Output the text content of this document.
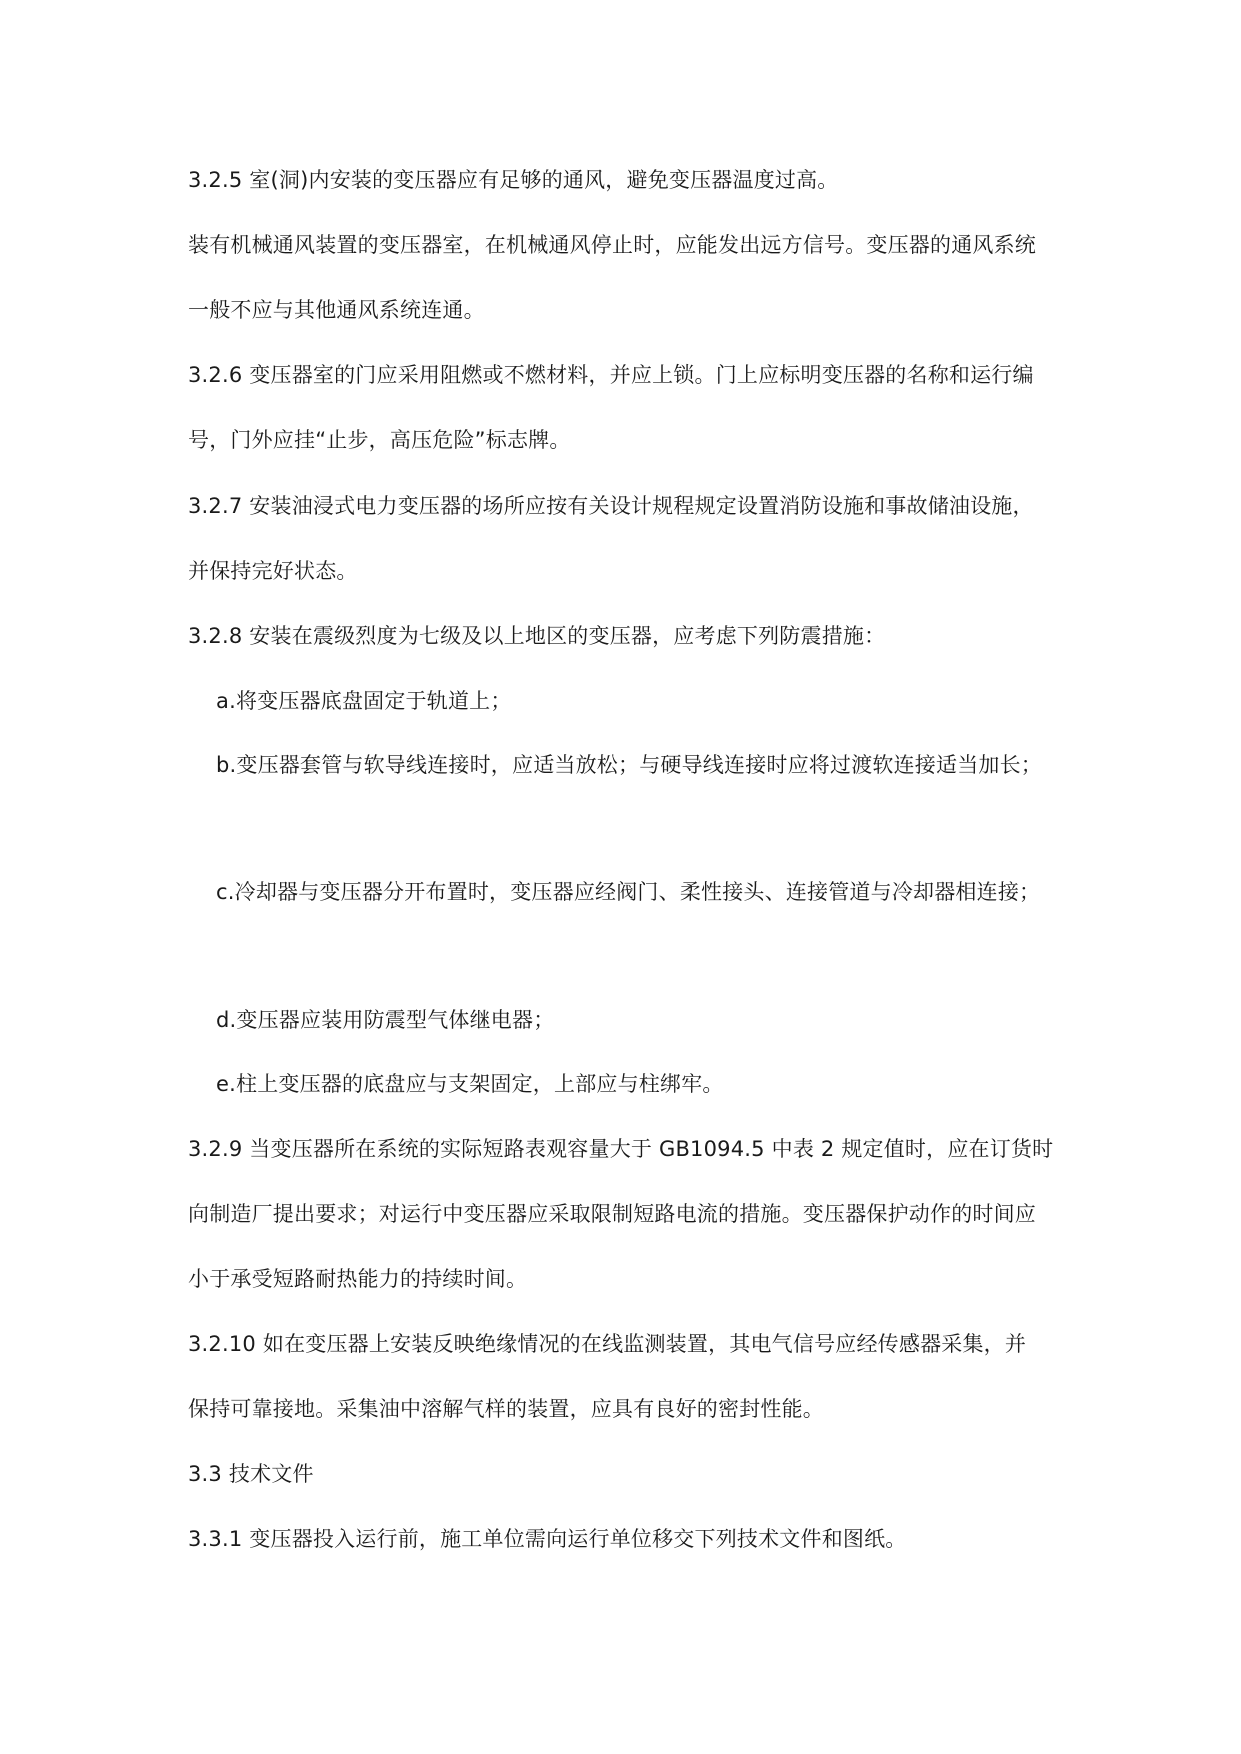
3.2.5 室(洞)内安装的变压器应有足够的通风，避免变压器温度过高。
装有机械通风装置的变压器室，在机械通风停止时，应能发出远方信号。变压器的通风系统
一般不应与其他通风系统连通。
3.2.6 变压器室的门应采用阻燃或不燃材料，并应上锁。门上应标明变压器的名称和运行编
号，门外应挂“止步，高压危险”标志牌。
3.2.7 安装油浸式电力变压器的场所应按有关设计规程规定设置消防设施和事故储油设施，
并保持完好状态。
3.2.8 安装在震级烈度为七级及以上地区的变压器，应考虑下列防震措施：
a.将变压器底盘固定于轨道上；
b.变压器套管与软导线连接时，应适当放松；与硬导线连接时应将过渡软连接适当加长；
c.冷却器与变压器分开布置时，变压器应经阀门、柔性接头、连接管道与冷却器相连接；
d.变压器应装用防震型气体继电器；
e.柱上变压器的底盘应与支架固定，上部应与柱绑牢。
3.2.9 当变压器所在系统的实际短路表观容量大于 GB1094.5 中表 2 规定值时，应在订货时
向制造厂提出要求；对运行中变压器应采取限制短路电流的措施。变压器保护动作的时间应
小于承受短路耐热能力的持续时间。
3.2.10 如在变压器上安装反映绝缘情况的在线监测装置，其电气信号应经传感器采集，并
保持可靠接地。采集油中溶解气样的装置，应具有良好的密封性能。
3.3 技术文件
3.3.1 变压器投入运行前，施工单位需向运行单位移交下列技术文件和图纸。
